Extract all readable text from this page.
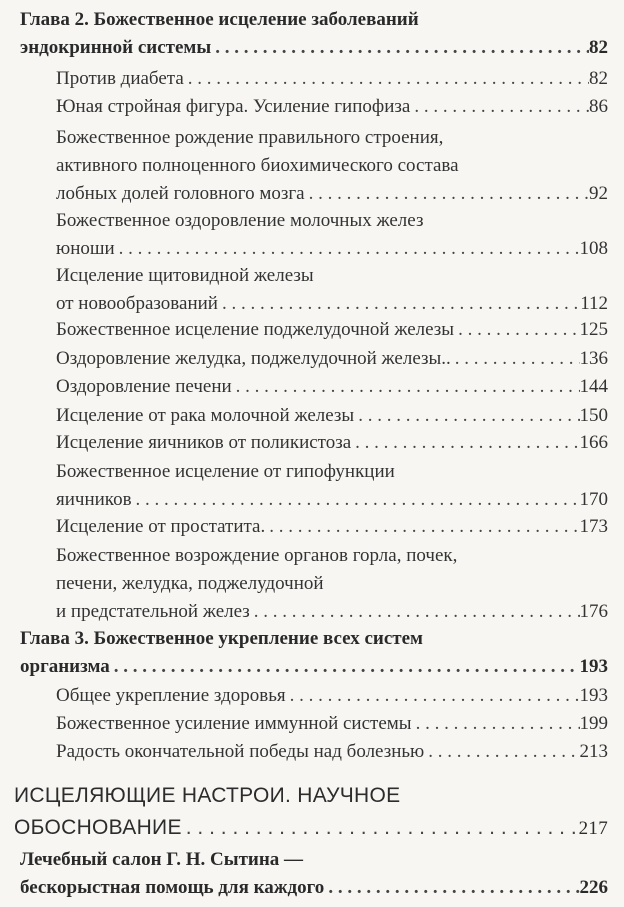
Глава 2. Божественное исцеление заболеваний
эндокринной системы . . .	82
Против диабета . . .	82
Юная стройная фигура. Усиление гипофиза . . .	86
Божественное рождение правильного строения,
активного полноценного биохимического состава
лобных долей головного мозга . . .	92
Божественное оздоровление молочных желез
юноши . . .	108
Исцеление щитовидной железы
от новообразований . . .	112
Божественное исцеление поджелудочной железы . . .	125
Оздоровление желудка, поджелудочной железы.. . . .	136
Оздоровление печени . . .	144
Исцеление от рака молочной железы . . .	150
Исцеление яичников от поликистоза . . .	166
Божественное исцеление от гипофункции
яичников . . .	170
Исцеление от простатита. . . .	173
Божественное возрождение органов горла, почек,
печени, желудка, поджелудочной
и предстательной желез . . .	176
Глава 3. Божественное укрепление всех систем
организма . . .	193
Общее укрепление здоровья . . .	193
Божественное усиление иммунной системы . . .	199
Радость окончательной победы над болезнью . . .	213
ИСЦЕЛЯЮЩИЕ НАСТРОИ. НАУЧНОЕ
ОБОСНОВАНИЕ . . .	217
Лечебный салон Г. Н. Сытина —
бескорыстная помощь для каждого . . .	226
